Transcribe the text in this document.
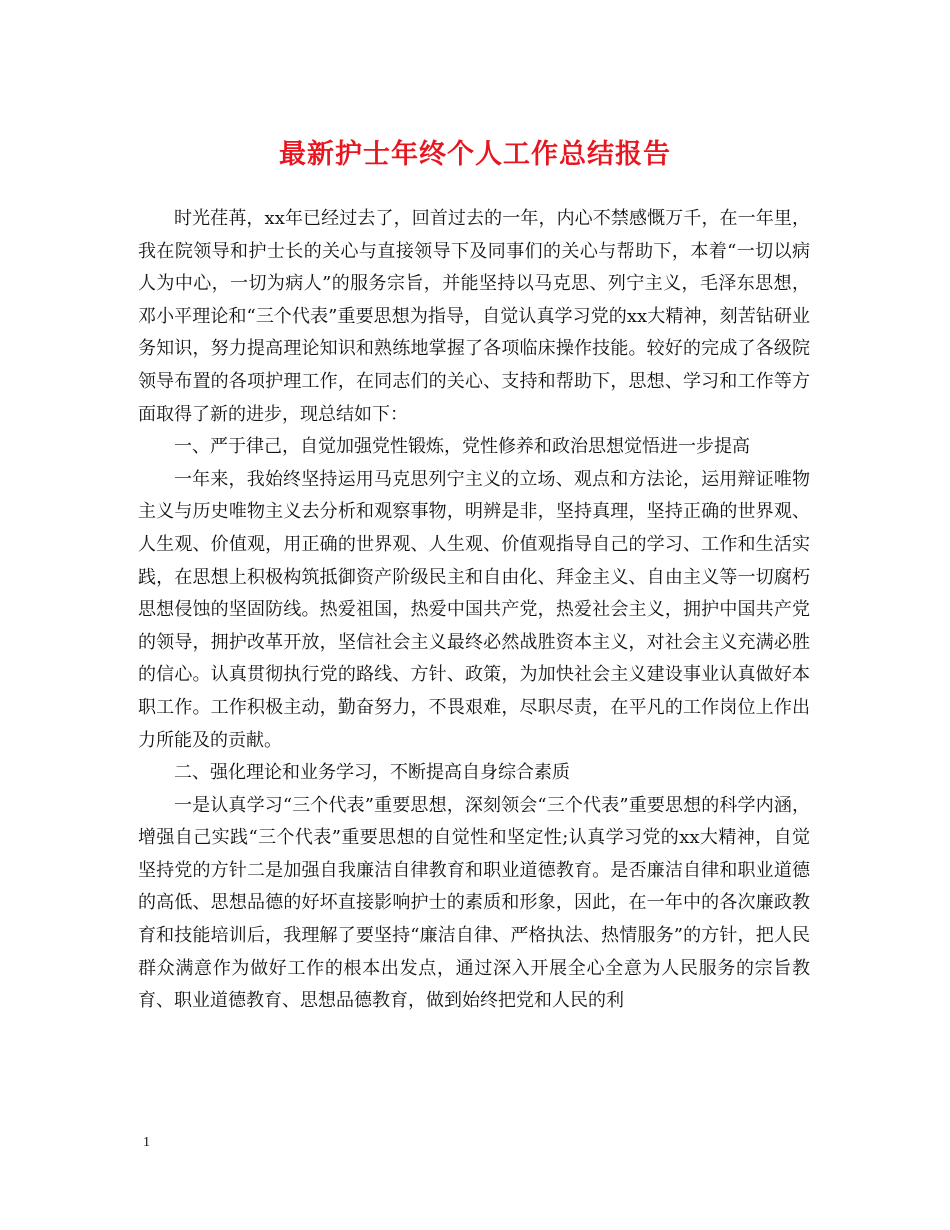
最新护士年终个人工作总结报告

时光荏苒，xx年已经过去了，回首过去的一年，内心不禁感慨万千，在一年里，我在院领导和护士长的关心与直接领导下及同事们的关心与帮助下，本着“一切以病人为中心，一切为病人”的服务宗旨，并能坚持以马克思、列宁主义，毛泽东思想，邓小平理论和“三个代表”重要思想为指导，自觉认真学习党的xx大精神，刻苦钻研业务知识，努力提高理论知识和熟练地掌握了各项临床操作技能。较好的完成了各级院领导布置的各项护理工作，在同志们的关心、支持和帮助下，思想、学习和工作等方面取得了新的进步，现总结如下：

一、严于律己，自觉加强党性锻炼，党性修养和政治思想觉悟进一步提高

一年来，我始终坚持运用马克思列宁主义的立场、观点和方法论，运用辩证唯物主义与历史唯物主义去分析和观察事物，明辨是非，坚持真理，坚持正确的世界观、人生观、价值观，用正确的世界观、人生观、价值观指导自己的学习、工作和生活实践，在思想上积极构筑抵御资产阶级民主和自由化、拜金主义、自由主义等一切腐朽思想侵蚀的坚固防线。热爱祖国，热爱中国共产党，热爱社会主义，拥护中国共产党的领导，拥护改革开放，坚信社会主义最终必然战胜资本主义，对社会主义充满必胜的信心。认真贯彻执行党的路线、方针、政策，为加快社会主义建设事业认真做好本职工作。工作积极主动，勤奋努力，不畏艰难，尽职尽责，在平凡的工作岗位上作出力所能及的贡献。

二、强化理论和业务学习，不断提高自身综合素质

一是认真学习“三个代表”重要思想，深刻领会“三个代表”重要思想的科学内涵，增强自己实践“三个代表”重要思想的自觉性和坚定性;认真学习党的xx大精神，自觉坚持党的方针二是加强自我廉洁自律教育和职业道德教育。是否廉洁自律和职业道德的高低、思想品德的好坏直接影响护士的素质和形象，因此，在一年中的各次廉政教育和技能培训后，我理解了要坚持“廉洁自律、严格执法、热情服务”的方针，把人民群众满意作为做好工作的根本出发点，通过深入开展全心全意为人民服务的宗旨教育、职业道德教育、思想品德教育，做到始终把党和人民的利

1
